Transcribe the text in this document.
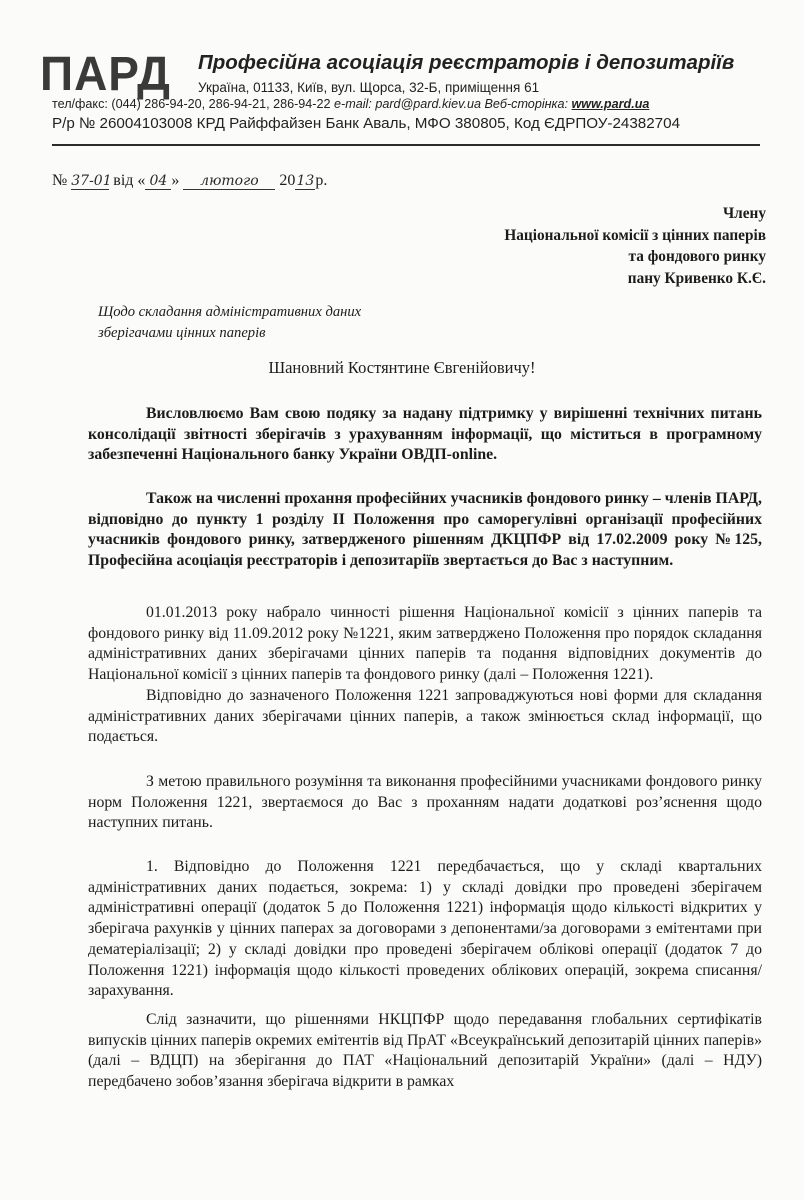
ПАРД Професійна асоціація реєстраторів і депозитаріїв
Україна, 01133, Київ, вул. Щорса, 32-Б, приміщення 61
тел/факс: (044) 286-94-20, 286-94-21, 286-94-22 e-mail: pard@pard.kiev.ua Веб-сторінка: www.pard.ua
Р/р № 26004103008 КРД Райффайзен Банк Аваль, МФО 380805, Код ЄДРПОУ-24382704
№ 37-01 від « 04 » лютого 2013р.
Члену
Національної комісії з цінних паперів
та фондового ринку
пану Кривенко К.Є.
Щодо складання адміністративних даних
зберігачами цінних паперів
Шановний Костянтине Євгенійовичу!
Висловлюємо Вам свою подяку за надану підтримку у вирішенні технічних питань консолідації звітності зберігачів з урахуванням інформації, що міститься в програмному забезпеченні Національного банку України ОВДП-online.
Також на численні прохання професійних учасників фондового ринку – членів ПАРД, відповідно до пункту 1 розділу II Положення про саморегулівні організації професійних учасників фондового ринку, затвердженого рішенням ДКЦПФР від 17.02.2009 року №125, Професійна асоціація реєстраторів і депозитаріїв звертається до Вас з наступним.
01.01.2013 року набрало чинності рішення Національної комісії з цінних паперів та фондового ринку від 11.09.2012 року №1221, яким затверджено Положення про порядок складання адміністративних даних зберігачами цінних паперів та подання відповідних документів до Національної комісії з цінних паперів та фондового ринку (далі – Положення 1221).
Відповідно до зазначеного Положення 1221 запроваджуються нові форми для складання адміністративних даних зберігачами цінних паперів, а також змінюється склад інформації, що подається.
З метою правильного розуміння та виконання професійними учасниками фондового ринку норм Положення 1221, звертаємося до Вас з проханням надати додаткові роз’яснення щодо наступних питань.
1. Відповідно до Положення 1221 передбачається, що у складі квартальних адміністративних даних подається, зокрема: 1) у складі довідки про проведені зберігачем адміністративні операції (додаток 5 до Положення 1221) інформація щодо кількості відкритих у зберігача рахунків у цінних паперах за договорами з депонентами/за договорами з емітентами при дематеріалізації; 2) у складі довідки про проведені зберігачем облікові операції (додаток 7 до Положення 1221) інформація щодо кількості проведених облікових операцій, зокрема списання/зарахування.
Слід зазначити, що рішеннями НКЦПФР щодо передавання глобальних сертифікатів випусків цінних паперів окремих емітентів від ПрАТ «Всеукраїнський депозитарій цінних паперів» (далі – ВДЦП) на зберігання до ПАТ «Національний депозитарій України» (далі – НДУ) передбачено зобов’язання зберігача відкрити в рамках
